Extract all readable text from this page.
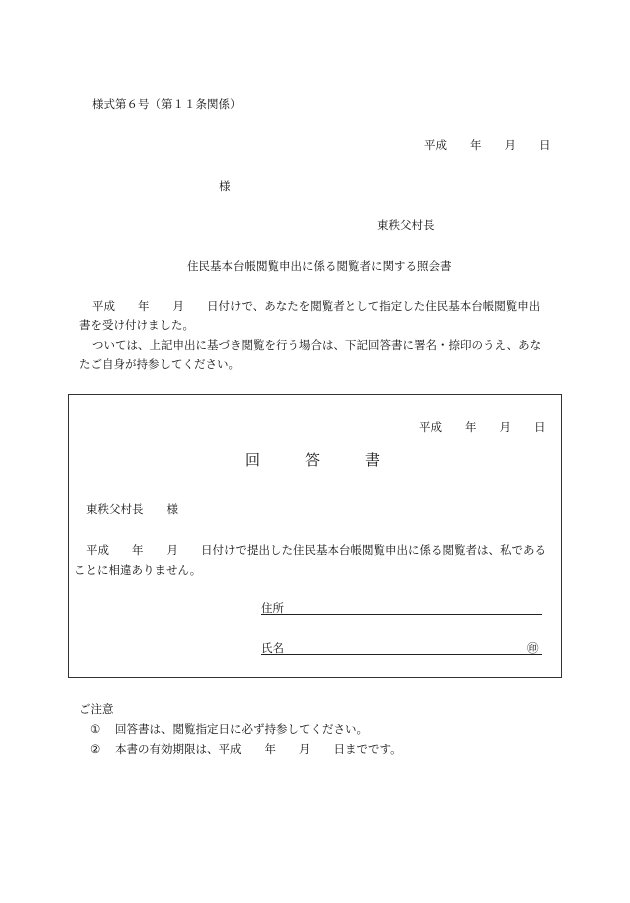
様式第６号（第１１条関係）
平成　　年　　月　　日
様
東秩父村長
住民基本台帳閲覧申出に係る閲覧者に関する照会書
平成　　年　　月　　日付けで、あなたを閲覧者として指定した住民基本台帳閲覧申出
書を受け付けました。
ついては、上記申出に基づき閲覧を行う場合は、下記回答書に署名・捺印のうえ、あな
たご自身が持参してください。
平成　　年　　月　　日
回　　　答　　　書
東秩父村長　　様
平成　　年　　月　　日付けで提出した住民基本台帳閲覧申出に係る閲覧者は、私である
ことに相違ありません。
住所
氏名	㊞
ご注意
① 回答書は、閲覧指定日に必ず持参してください。
② 本書の有効期限は、平成　　年　　月　　日までです。
